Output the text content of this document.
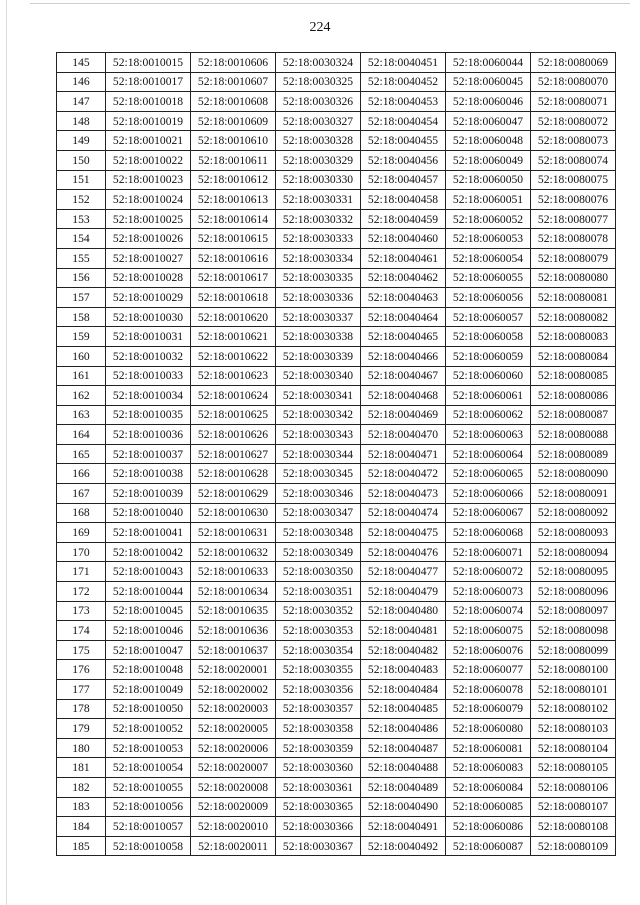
224
145	52:18:0010015	52:18:0010606	52:18:0030324	52:18:0040451	52:18:0060044	52:18:0080069
146	52:18:0010017	52:18:0010607	52:18:0030325	52:18:0040452	52:18:0060045	52:18:0080070
147	52:18:0010018	52:18:0010608	52:18:0030326	52:18:0040453	52:18:0060046	52:18:0080071
148	52:18:0010019	52:18:0010609	52:18:0030327	52:18:0040454	52:18:0060047	52:18:0080072
149	52:18:0010021	52:18:0010610	52:18:0030328	52:18:0040455	52:18:0060048	52:18:0080073
150	52:18:0010022	52:18:0010611	52:18:0030329	52:18:0040456	52:18:0060049	52:18:0080074
151	52:18:0010023	52:18:0010612	52:18:0030330	52:18:0040457	52:18:0060050	52:18:0080075
152	52:18:0010024	52:18:0010613	52:18:0030331	52:18:0040458	52:18:0060051	52:18:0080076
153	52:18:0010025	52:18:0010614	52:18:0030332	52:18:0040459	52:18:0060052	52:18:0080077
154	52:18:0010026	52:18:0010615	52:18:0030333	52:18:0040460	52:18:0060053	52:18:0080078
155	52:18:0010027	52:18:0010616	52:18:0030334	52:18:0040461	52:18:0060054	52:18:0080079
156	52:18:0010028	52:18:0010617	52:18:0030335	52:18:0040462	52:18:0060055	52:18:0080080
157	52:18:0010029	52:18:0010618	52:18:0030336	52:18:0040463	52:18:0060056	52:18:0080081
158	52:18:0010030	52:18:0010620	52:18:0030337	52:18:0040464	52:18:0060057	52:18:0080082
159	52:18:0010031	52:18:0010621	52:18:0030338	52:18:0040465	52:18:0060058	52:18:0080083
160	52:18:0010032	52:18:0010622	52:18:0030339	52:18:0040466	52:18:0060059	52:18:0080084
161	52:18:0010033	52:18:0010623	52:18:0030340	52:18:0040467	52:18:0060060	52:18:0080085
162	52:18:0010034	52:18:0010624	52:18:0030341	52:18:0040468	52:18:0060061	52:18:0080086
163	52:18:0010035	52:18:0010625	52:18:0030342	52:18:0040469	52:18:0060062	52:18:0080087
164	52:18:0010036	52:18:0010626	52:18:0030343	52:18:0040470	52:18:0060063	52:18:0080088
165	52:18:0010037	52:18:0010627	52:18:0030344	52:18:0040471	52:18:0060064	52:18:0080089
166	52:18:0010038	52:18:0010628	52:18:0030345	52:18:0040472	52:18:0060065	52:18:0080090
167	52:18:0010039	52:18:0010629	52:18:0030346	52:18:0040473	52:18:0060066	52:18:0080091
168	52:18:0010040	52:18:0010630	52:18:0030347	52:18:0040474	52:18:0060067	52:18:0080092
169	52:18:0010041	52:18:0010631	52:18:0030348	52:18:0040475	52:18:0060068	52:18:0080093
170	52:18:0010042	52:18:0010632	52:18:0030349	52:18:0040476	52:18:0060071	52:18:0080094
171	52:18:0010043	52:18:0010633	52:18:0030350	52:18:0040477	52:18:0060072	52:18:0080095
172	52:18:0010044	52:18:0010634	52:18:0030351	52:18:0040479	52:18:0060073	52:18:0080096
173	52:18:0010045	52:18:0010635	52:18:0030352	52:18:0040480	52:18:0060074	52:18:0080097
174	52:18:0010046	52:18:0010636	52:18:0030353	52:18:0040481	52:18:0060075	52:18:0080098
175	52:18:0010047	52:18:0010637	52:18:0030354	52:18:0040482	52:18:0060076	52:18:0080099
176	52:18:0010048	52:18:0020001	52:18:0030355	52:18:0040483	52:18:0060077	52:18:0080100
177	52:18:0010049	52:18:0020002	52:18:0030356	52:18:0040484	52:18:0060078	52:18:0080101
178	52:18:0010050	52:18:0020003	52:18:0030357	52:18:0040485	52:18:0060079	52:18:0080102
179	52:18:0010052	52:18:0020005	52:18:0030358	52:18:0040486	52:18:0060080	52:18:0080103
180	52:18:0010053	52:18:0020006	52:18:0030359	52:18:0040487	52:18:0060081	52:18:0080104
181	52:18:0010054	52:18:0020007	52:18:0030360	52:18:0040488	52:18:0060083	52:18:0080105
182	52:18:0010055	52:18:0020008	52:18:0030361	52:18:0040489	52:18:0060084	52:18:0080106
183	52:18:0010056	52:18:0020009	52:18:0030365	52:18:0040490	52:18:0060085	52:18:0080107
184	52:18:0010057	52:18:0020010	52:18:0030366	52:18:0040491	52:18:0060086	52:18:0080108
185	52:18:0010058	52:18:0020011	52:18:0030367	52:18:0040492	52:18:0060087	52:18:0080109
